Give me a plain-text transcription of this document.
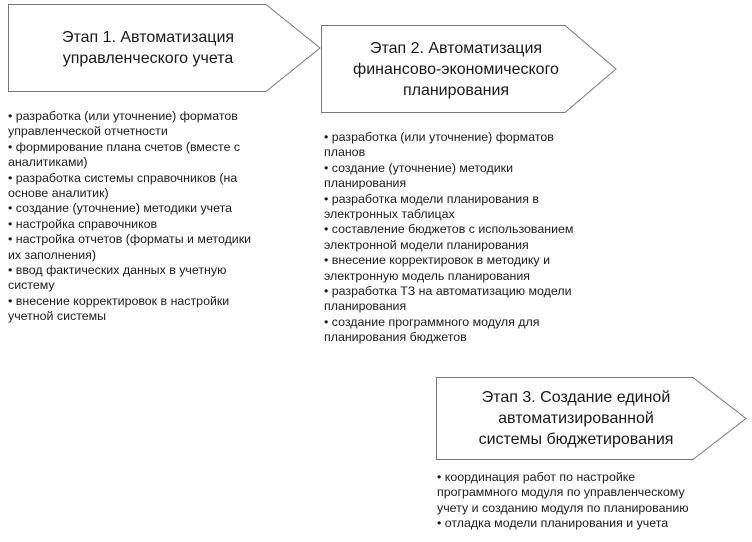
Этап 1. Автоматизация
управленческого учета
Этап 2. Автоматизация
финансово-экономического
планирования
Этап 3. Создание единой
автоматизированной
системы бюджетирования
• разработка (или уточнение) форматов
управленческой отчетности
• формирование плана счетов (вместе с
аналитиками)
• разработка системы справочников (на
основe аналитик)
• создание (уточнение) методики учета
• настройка справочников
• настройка отчетов (форматы и методики
их заполнения)
• ввод фактических данных в учетную
систему
• внесение корректировок в настройки
учетной системы
• разработка (или уточнение) форматов
планов
• создание (уточнение) методики
планирования
• разработка модели планирования в
электронных таблицах
• составление бюджетов с использованием
электронной модели планирования
• внесение корректировок в методику и
электронную модель планирования
• разработка ТЗ на автоматизацию модели
планирования
• создание программного модуля для
планирования бюджетов
• координация работ по настройке
программного модуля по управленческому
учету и созданию модуля по планированию
• отладка модели планирования и учета
